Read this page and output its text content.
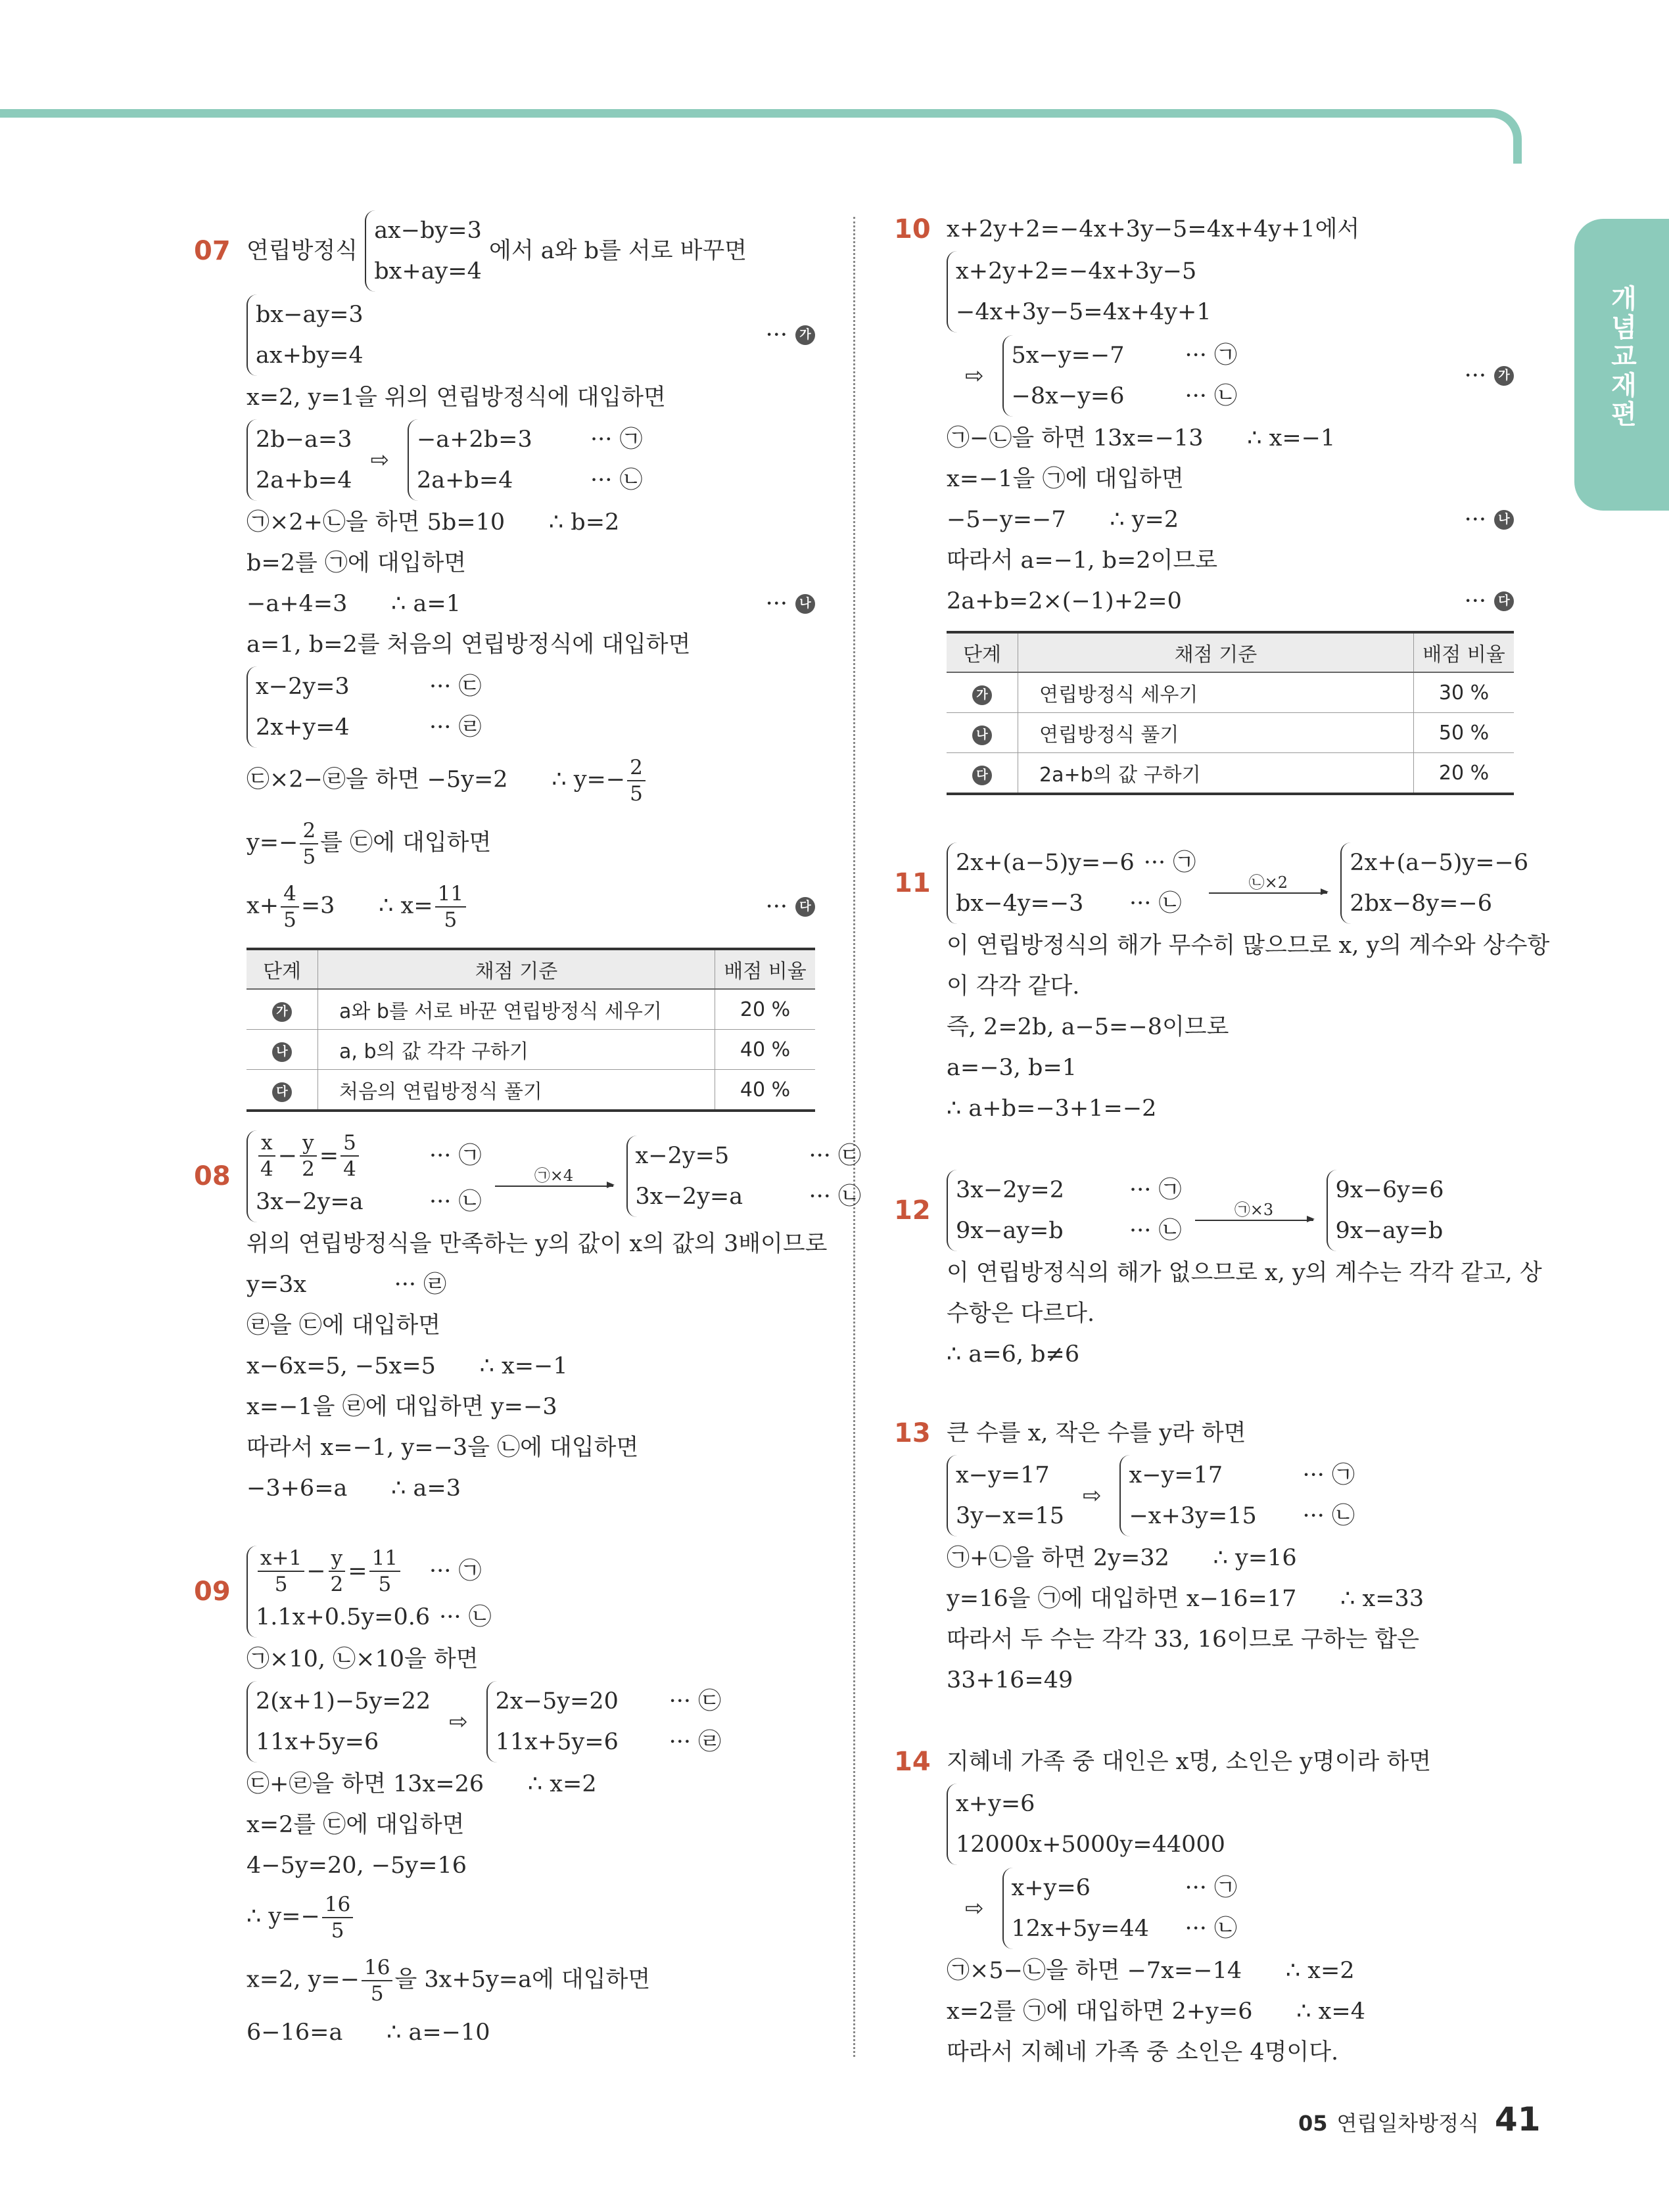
개념교재편
연립방정식
ax−by=3
bx+ay=4
에서 a와 b를 서로 바꾸면
07
bx−ay=3
ax+by=4
···	가
x=2, y=1을 위의 연립방정식에 대입하면
2b−a=3
2a+b=4
⇨
−a+2b=3	··· ㉠
2a+b=4	··· ㉡
㉠×2+㉡을 하면 5b=10      ∴ b=2
b=2를 ㉠에 대입하면
−a+4=3      ∴ a=1	···	나
a=1, b=2를 처음의 연립방정식에 대입하면
x−2y=3	··· ㉢
2x+y=4	··· ㉣
㉢×2−㉣을 하면 −5y=2      ∴ $y=- \frac{2}{5}$
$y=- \frac{2}{5}$ 를 ㉢에 대입하면
$x+ \frac{4}{5} =3$      ∴ $x= \frac{11}{5}$	···	다
단계	채점 기준	배점 비율
가	a와 b를 서로 바꾼 연립방정식 세우기	20 %
나	a, b의 값 각각 구하기	40 %
다	처음의 연립방정식 풀기	40 %
$\frac{x}{4} - \frac{y}{2} = \frac{5}{4}$	··· ㉠
3x−2y=a	··· ㉡
㉠×4
x−2y=5	··· ㉢
3x−2y=a	··· ㉡
08
위의 연립방정식을 만족하는 y의 값이 x의 값의 3배이므로
y=3x            ··· ㉣
㉣을 ㉢에 대입하면
x−6x=5, −5x=5      ∴ x=−1
x=−1을 ㉣에 대입하면 y=−3
따라서 x=−1, y=−3을 ㉡에 대입하면
−3+6=a      ∴ a=3
$\frac{x+1}{5} - \frac{y}{2} = \frac{11}{5}$ ··· ㉠
1.1x+0.5y=0.6 ··· ㉡
09
㉠×10, ㉡×10을 하면
2(x+1)−5y=22
11x+5y=6
⇨
2x−5y=20 ··· ㉢
11x+5y=6 ··· ㉣
㉢+㉣을 하면 13x=26      ∴ x=2
x=2를 ㉢에 대입하면
4−5y=20, −5y=16
∴ $y=- \frac{16}{5}$
x=2, $y=- \frac{16}{5}$ 을 3x+5y=a에 대입하면
6−16=a      ∴ a=−10
x+2y+2=−4x+3y−5=4x+4y+1에서
10
x+2y+2=−4x+3y−5
−4x+3y−5=4x+4y+1
⇨
5x−y=−7	··· ㉠
−8x−y=6	··· ㉡
···	가
㉠−㉡을 하면 13x=−13      ∴ x=−1
x=−1을 ㉠에 대입하면
−5−y=−7      ∴ y=2	···	나
따라서 a=−1, b=2이므로
2a+b=2×(−1)+2=0	···	다
단계	채점 기준	배점 비율
가	연립방정식 세우기	30 %
나	연립방정식 풀기	50 %
다	2a+b의 값 구하기	20 %
2x+(a−5)y=−6 ··· ㉠
bx−4y=−3 ··· ㉡
㉡×2
2x+(a−5)y=−6
2bx−8y=−6
11
이 연립방정식의 해가 무수히 많으므로 x, y의 계수와 상수항
이 각각 같다.
즉, 2=2b, a−5=−8이므로
a=−3, b=1
∴ a+b=−3+1=−2
3x−2y=2	··· ㉠
9x−ay=b	··· ㉡
㉠×3
9x−6y=6
9x−ay=b
12
이 연립방정식의 해가 없으므로 x, y의 계수는 각각 같고, 상
수항은 다르다.
∴ a=6, b≠6
큰 수를 x, 작은 수를 y라 하면
13
x−y=17
3y−x=15
⇨
x−y=17	··· ㉠
−x+3y=15 ··· ㉡
㉠+㉡을 하면 2y=32      ∴ y=16
y=16을 ㉠에 대입하면 x−16=17      ∴ x=33
따라서 두 수는 각각 33, 16이므로 구하는 합은
33+16=49
지혜네 가족 중 대인은 x명, 소인은 y명이라 하면
14
x+y=6
12000x+5000y=44000
⇨
x+y=6	··· ㉠
12x+5y=44 ··· ㉡
㉠×5−㉡을 하면 −7x=−14      ∴ x=2
x=2를 ㉠에 대입하면 2+y=6      ∴ x=4
따라서 지혜네 가족 중 소인은 4명이다.
05 연립일차방정식 41
